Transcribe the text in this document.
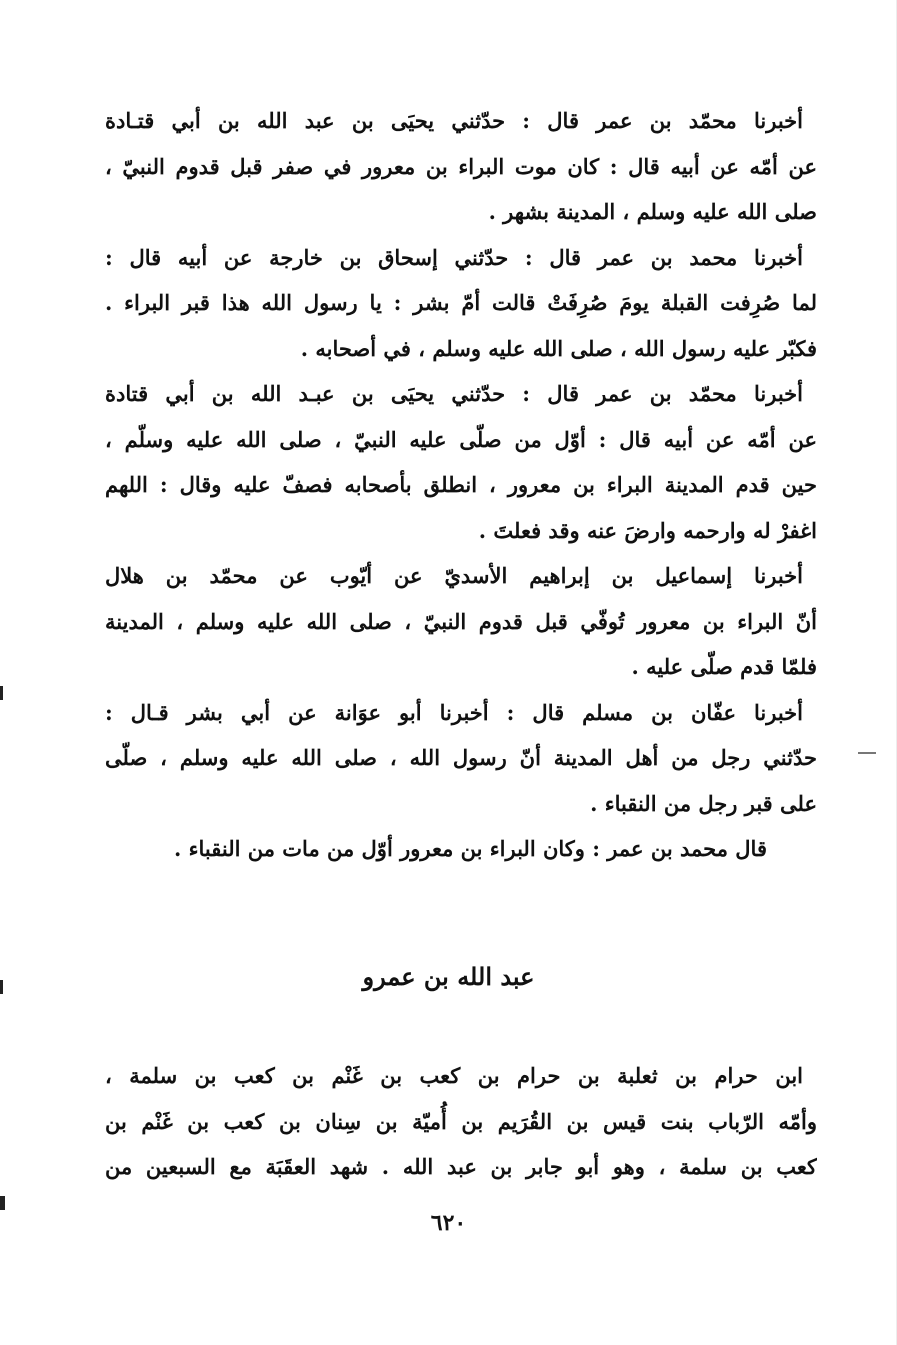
أخبرنا محمّد بن عمر قال : حدّثني يحيَى بن عبد الله بن أبي قتـادة
عن أمّه عن أبيه قال : كان موت البراء بن معرور في صفر قبل قدوم النبيّ ،
صلى الله عليه وسلم ، المدينة بشهر .
أخبرنا محمد بن عمر قال : حدّثني إسحاق بن خارجة عن أبيه قال :
لما صُرِفت القبلة يومَ صُرِفَتْ قالت أمّ بشر : يا رسول الله هذا قبر البراء .
فكبّر عليه رسول الله ، صلى الله عليه وسلم ، في أصحابه .
أخبرنا محمّد بن عمر قال : حدّثني يحيَى بن عبـد الله بن أبي قتادة
عن أمّه عن أبيه قال : أوّل من صلّى عليه النبيّ ، صلى الله عليه وسلّم ،
حين قدم المدينة البراء بن معرور ، انطلق بأصحابه فصفّ عليه وقال : اللهم
اغفرْ له وارحمه وارضَ عنه وقد فعلتَ .
أخبرنا إسماعيل بن إبراهيم الأسديّ عن أيّوب عن محمّد بن هلال
أنّ البراء بن معرور تُوفّي قبل قدوم النبيّ ، صلى الله عليه وسلم ، المدينة
فلمّا قدم صلّى عليه .
أخبرنا عفّان بن مسلم قال : أخبرنا أبو عوَانة عن أبي بشر قـال :
حدّثني رجل من أهل المدينة أنّ رسول الله ، صلى الله عليه وسلم ، صلّى
على قبر رجل من النقباء .
قال محمد بن عمر : وكان البراء بن معرور أوّل من مات من النقباء .
عبد الله بن عمرو
ابن حرام بن ثعلبة بن حرام بن كعب بن غَنْم بن كعب بن سلمة ،
وأمّه الرّباب بنت قيس بن القُرَيم بن أُميّة بن سِنان بن كعب بن غَنْم بن
كعب بن سلمة ، وهو أبو جابر بن عبد الله . شهد العقَبَة مع السبعين من
٦٢٠
